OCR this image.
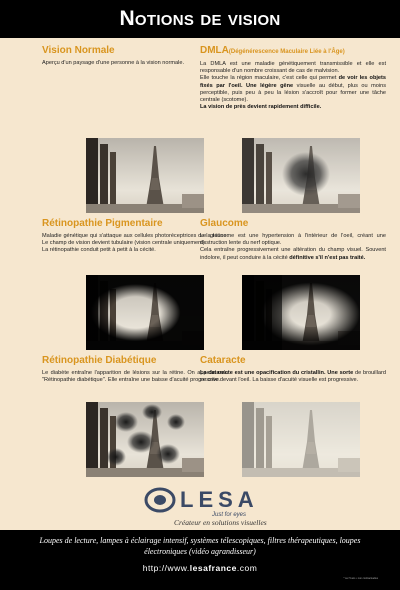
Notions de vision
Vision Normale

Aperçu d'un paysage d'une personne à la vision normale.

DMLA(Dégénérescence Maculaire Liée à l'Âge)

La DMLA est une maladie génétiquement transmissible et elle est responsable d'un nombre croissant de cas de malvision.
Elle touche la région maculaire, c'est celle qui permet de voir les objets fixés par l'oeil. Une légère gêne visuelle au début, plus ou moins perceptible, puis peu à peu la lésion s'accroît pour former une tâche centrale (scotome).
La vision de près devient rapidement difficile.

Rétinopathie Pigmentaire

Maladie génétique qui s'attaque aux cellules photoréceptrices de la rétine. Le champ de vision devient tubulaire (vision centrale uniquement).
La rétinopathie conduit petit à petit à la cécité.

Glaucome

Le glaucome est une hypertension à l'intérieur de l'oeil, créant une destruction lente du nerf optique.
Cela entraîne progressivement une altération du champ visuel. Souvent indolore, il peut conduire à la cécité définitive s'il n'est pas traité.

Rétinopathie Diabétique

Le diabète entraîne l'apparition de lésions sur la rétine. On appelle cela "Rétinopathie diabétique". Elle entraîne une baisse d'acuité progressive.

Cataracte

La cataracte est une opacification du cristallin. Une sorte de brouillard se crée devant l'oeil. La baisse d'acuité visuelle est progressive.

LESA
Just for eyes
Créateur en solutions visuelles
Loupes de lecture, lampes à éclairage intensif, systèmes télescopiques, filtres thérapeutiques, loupes électroniques (vidéo agrandisseur)
http://www.lesafrance.com
* sur 5 ans • non contractuelles
